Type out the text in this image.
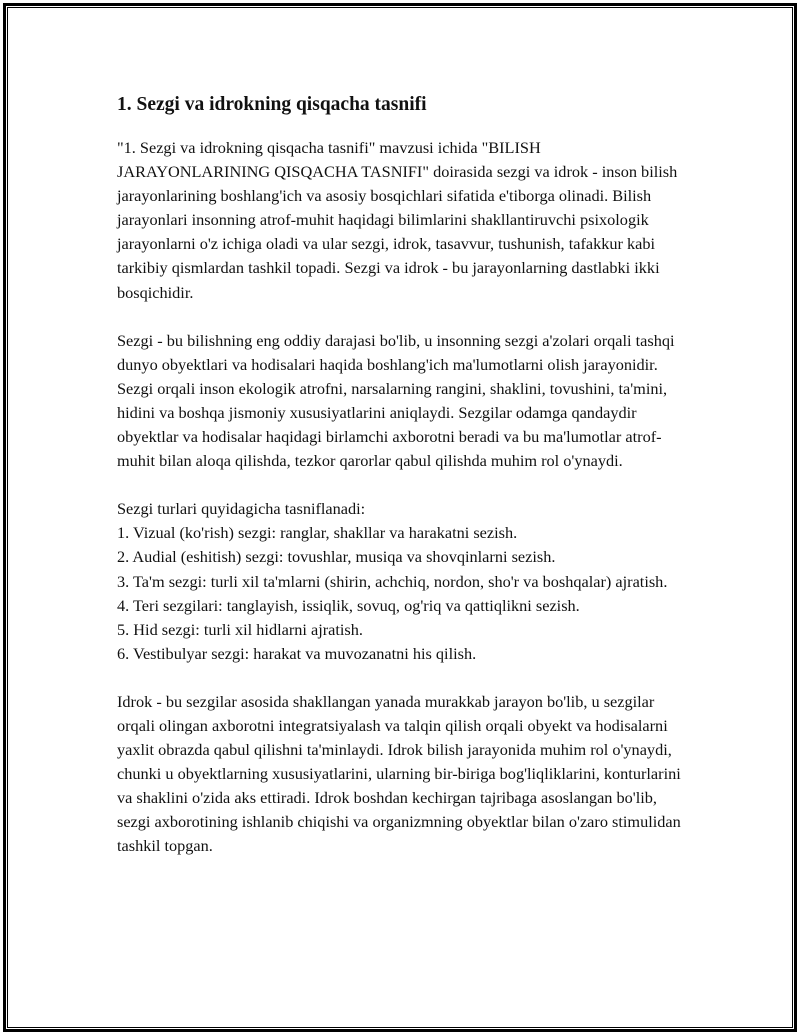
1. Sezgi va idrokning qisqacha tasnifi

"1. Sezgi va idrokning qisqacha tasnifi" mavzusi ichida "BILISH JARAYONLARINING QISQACHA TASNIFI" doirasida sezgi va idrok - inson bilish jarayonlarining boshlang'ich va asosiy bosqichlari sifatida e'tiborga olinadi. Bilish jarayonlari insonning atrof-muhit haqidagi bilimlarini shakllantiruvchi psixologik jarayonlarni o'z ichiga oladi va ular sezgi, idrok, tasavvur, tushunish, tafakkur kabi tarkibiy qismlardan tashkil topadi. Sezgi va idrok - bu jarayonlarning dastlabki ikki bosqichidir.

Sezgi - bu bilishning eng oddiy darajasi bo'lib, u insonning sezgi a'zolari orqali tashqi dunyo obyektlari va hodisalari haqida boshlang'ich ma'lumotlarni olish jarayonidir. Sezgi orqali inson ekologik atrofni, narsalarning rangini, shaklini, tovushini, ta'mini, hidini va boshqa jismoniy xususiyatlarini aniqlaydi. Sezgilar odamga qandaydir obyektlar va hodisalar haqidagi birlamchi axborotni beradi va bu ma'lumotlar atrof-muhit bilan aloqa qilishda, tezkor qarorlar qabul qilishda muhim rol o'ynaydi.

Sezgi turlari quyidagicha tasniflanadi:

1. Vizual (ko'rish) sezgi: ranglar, shakllar va harakatni sezish.
2. Audial (eshitish) sezgi: tovushlar, musiqa va shovqinlarni sezish.
3. Ta'm sezgi: turli xil ta'mlarni (shirin, achchiq, nordon, sho'r va boshqalar) ajratish.
4. Teri sezgilari: tanglayish, issiqlik, sovuq, og'riq va qattiqlikni sezish.
5. Hid sezgi: turli xil hidlarni ajratish.
6. Vestibulyar sezgi: harakat va muvozanatni his qilish.

Idrok - bu sezgilar asosida shakllangan yanada murakkab jarayon bo'lib, u sezgilar orqali olingan axborotni integratsiyalash va talqin qilish orqali obyekt va hodisalarni yaxlit obrazda qabul qilishni ta'minlaydi. Idrok bilish jarayonida muhim rol o'ynaydi, chunki u obyektlarning xususiyatlarini, ularning bir-biriga bog'liqliklarini, konturlarini va shaklini o'zida aks ettiradi. Idrok boshdan kechirgan tajribaga asoslangan bo'lib, sezgi axborotining ishlanib chiqishi va organizmning obyektlar bilan o'zaro stimulidan tashkil topgan.
